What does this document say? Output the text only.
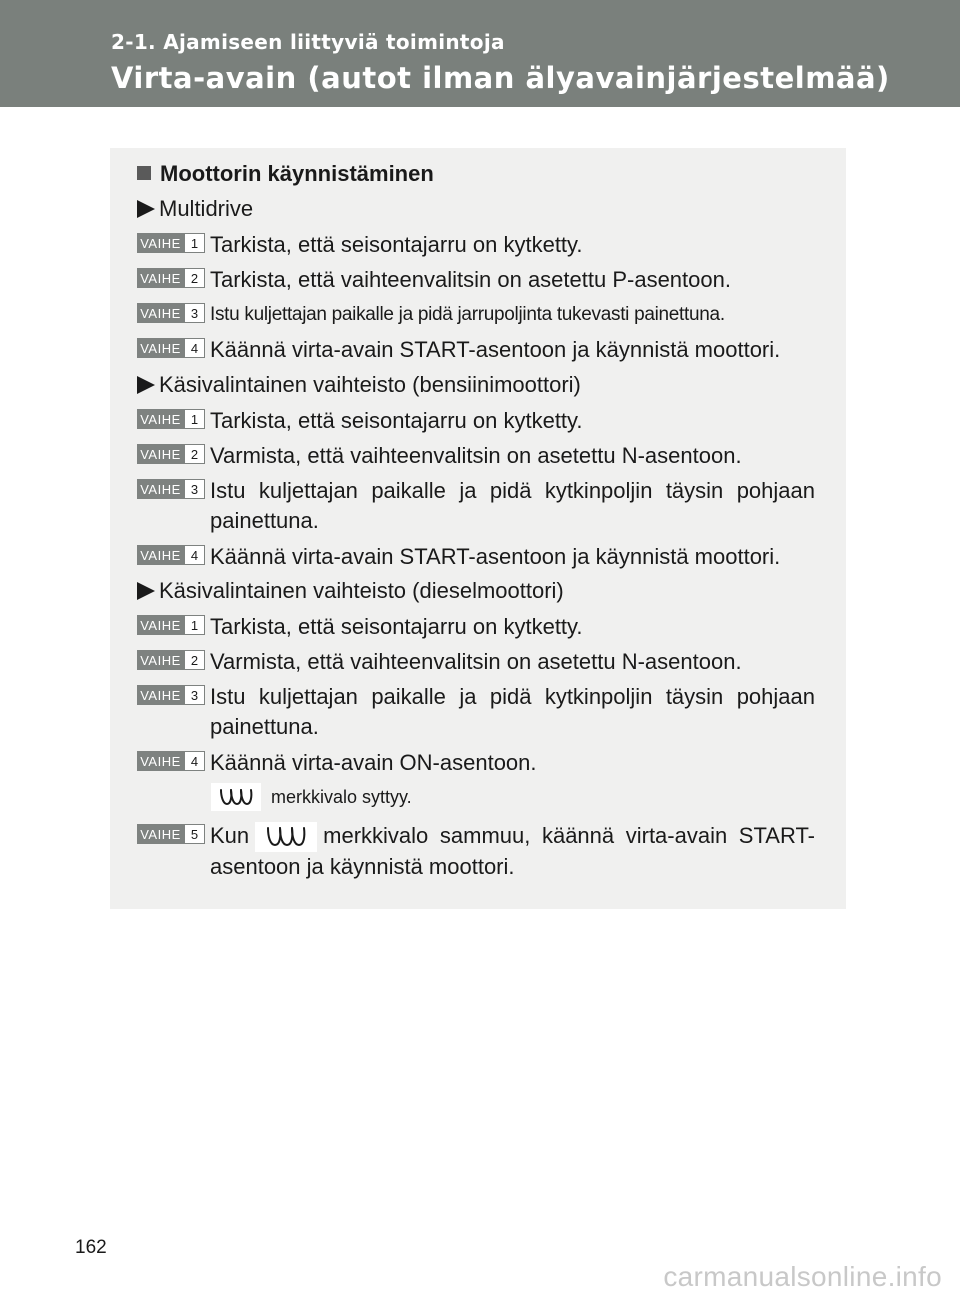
2-1. Ajamiseen liittyviä toimintoja
Virta-avain (autot ilman älyavainjärjestelmää)
Moottorin käynnistäminen
Multidrive
VAIHE 1 Tarkista, että seisontajarru on kytketty.
VAIHE 2 Tarkista, että vaihteenvalitsin on asetettu P-asentoon.
VAIHE 3 Istu kuljettajan paikalle ja pidä jarrupoljinta tukevasti painettuna.
VAIHE 4 Käännä virta-avain START-asentoon ja käynnistä moottori.
Käsivalintainen vaihteisto (bensiinimoottori)
VAIHE 1 Tarkista, että seisontajarru on kytketty.
VAIHE 2 Varmista, että vaihteenvalitsin on asetettu N-asentoon.
VAIHE 3 Istu kuljettajan paikalle ja pidä kytkinpoljin täysin pohjaan painettuna.
VAIHE 4 Käännä virta-avain START-asentoon ja käynnistä moottori.
Käsivalintainen vaihteisto (dieselmoottori)
VAIHE 1 Tarkista, että seisontajarru on kytketty.
VAIHE 2 Varmista, että vaihteenvalitsin on asetettu N-asentoon.
VAIHE 3 Istu kuljettajan paikalle ja pidä kytkinpoljin täysin pohjaan painettuna.
VAIHE 4 Käännä virta-avain ON-asentoon.
merkkivalo syttyy.
VAIHE 5 Kun	merkkivalo sammuu, käännä virta-avain START-asentoon ja käynnistä moottori.
162
carmanualsonline.info
